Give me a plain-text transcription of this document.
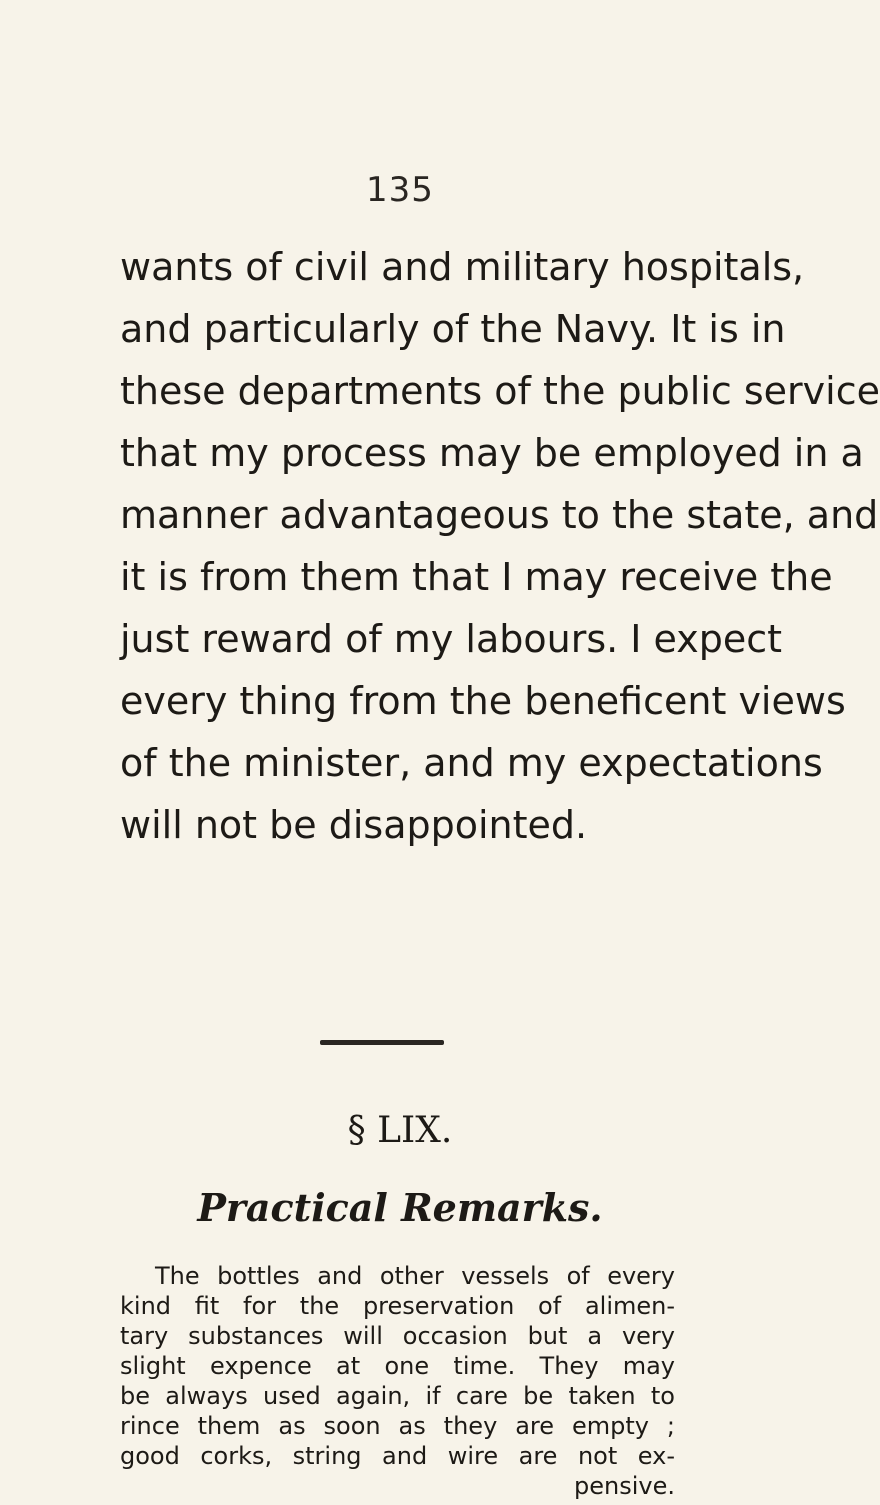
135
wants of civil and military hospitals,
and particularly of the Navy. It is in
these departments of the public service
that my process may be employed in a
manner advantageous to the state, and
it is from them that I may receive the
just reward of my labours. I expect
every thing from the beneficent views
of the minister, and my expectations
will not be disappointed.
§ LIX.
Practical Remarks.
The bottles and other vessels of every
kind fit for the preservation of alimen-
tary substances will occasion but a very
slight expence at one time. They may
be always used again, if care be taken to
rince them as soon as they are empty ;
good corks, string and wire are not ex-
pensive.
